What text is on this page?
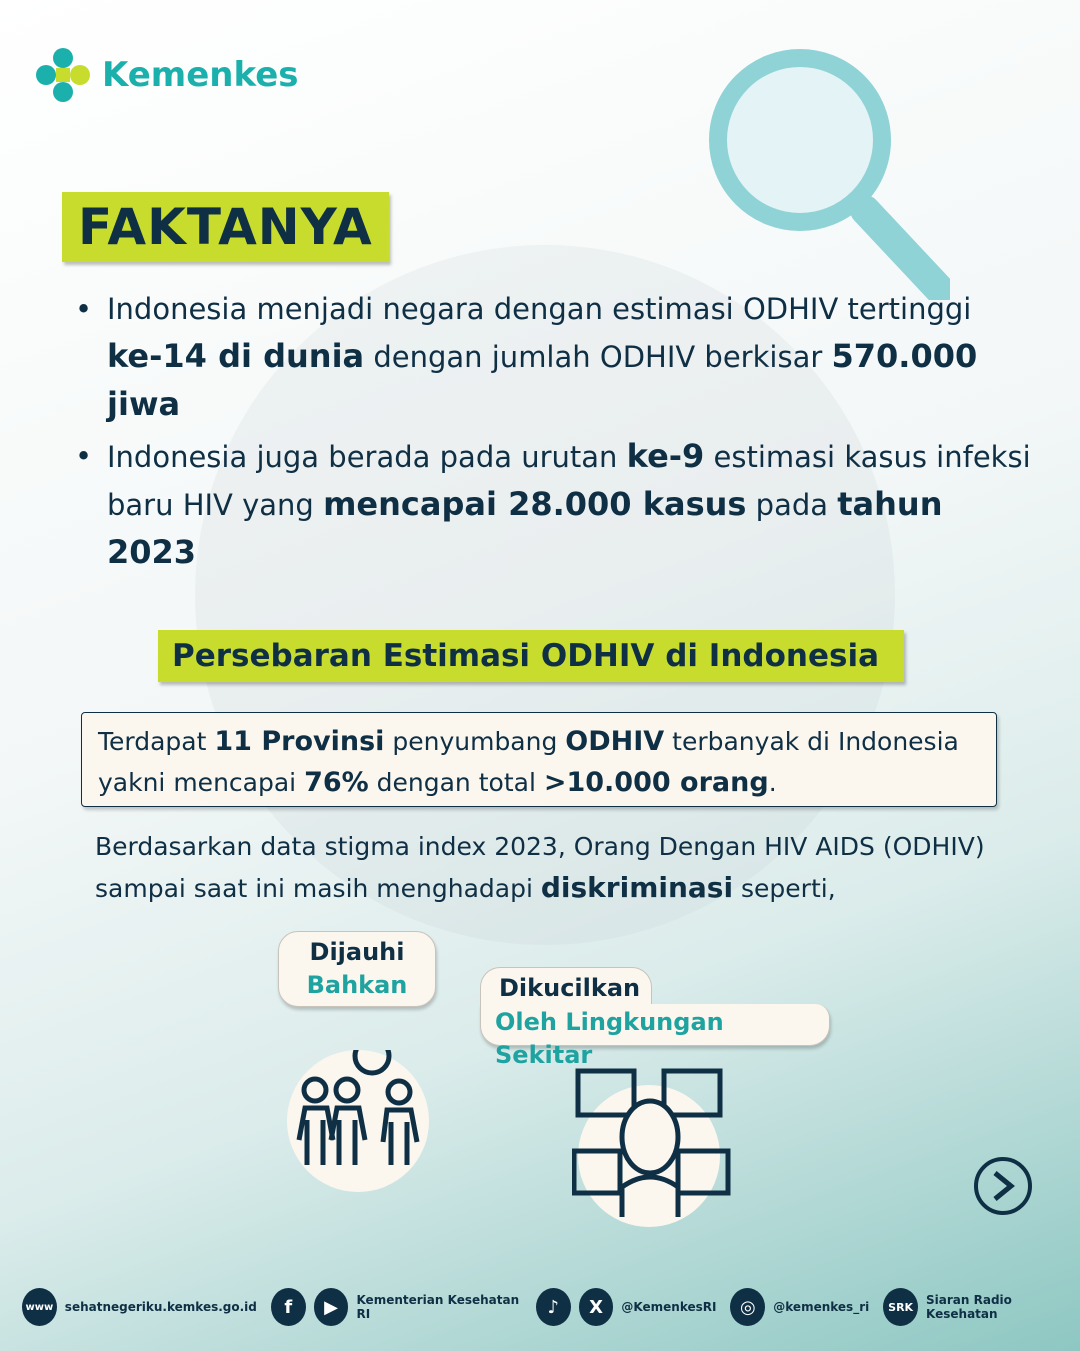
Kemenkes
FAKTANYA
• Indonesia menjadi negara dengan estimasi ODHIV tertinggi ke-14 di dunia dengan jumlah ODHIV berkisar 570.000 jiwa
• Indonesia juga berada pada urutan ke-9 estimasi kasus infeksi baru HIV yang mencapai 28.000 kasus pada tahun 2023
Persebaran Estimasi ODHIV di Indonesia
Terdapat 11 Provinsi penyumbang ODHIV terbanyak di Indonesia yakni mencapai 76% dengan total >10.000 orang.
Berdasarkan data stigma index 2023, Orang Dengan HIV AIDS (ODHIV) sampai saat ini masih menghadapi diskriminasi seperti,
Dijauhi
Bahkan	Dikucilkan
Oleh Lingkungan Sekitar
www sehatnegeriku.kemkes.go.id	f	▶	Kementerian Kesehatan RI	♪	X	@KemenkesRI	◎	@kemenkes_ri	SRK	Siaran Radio Kesehatan
